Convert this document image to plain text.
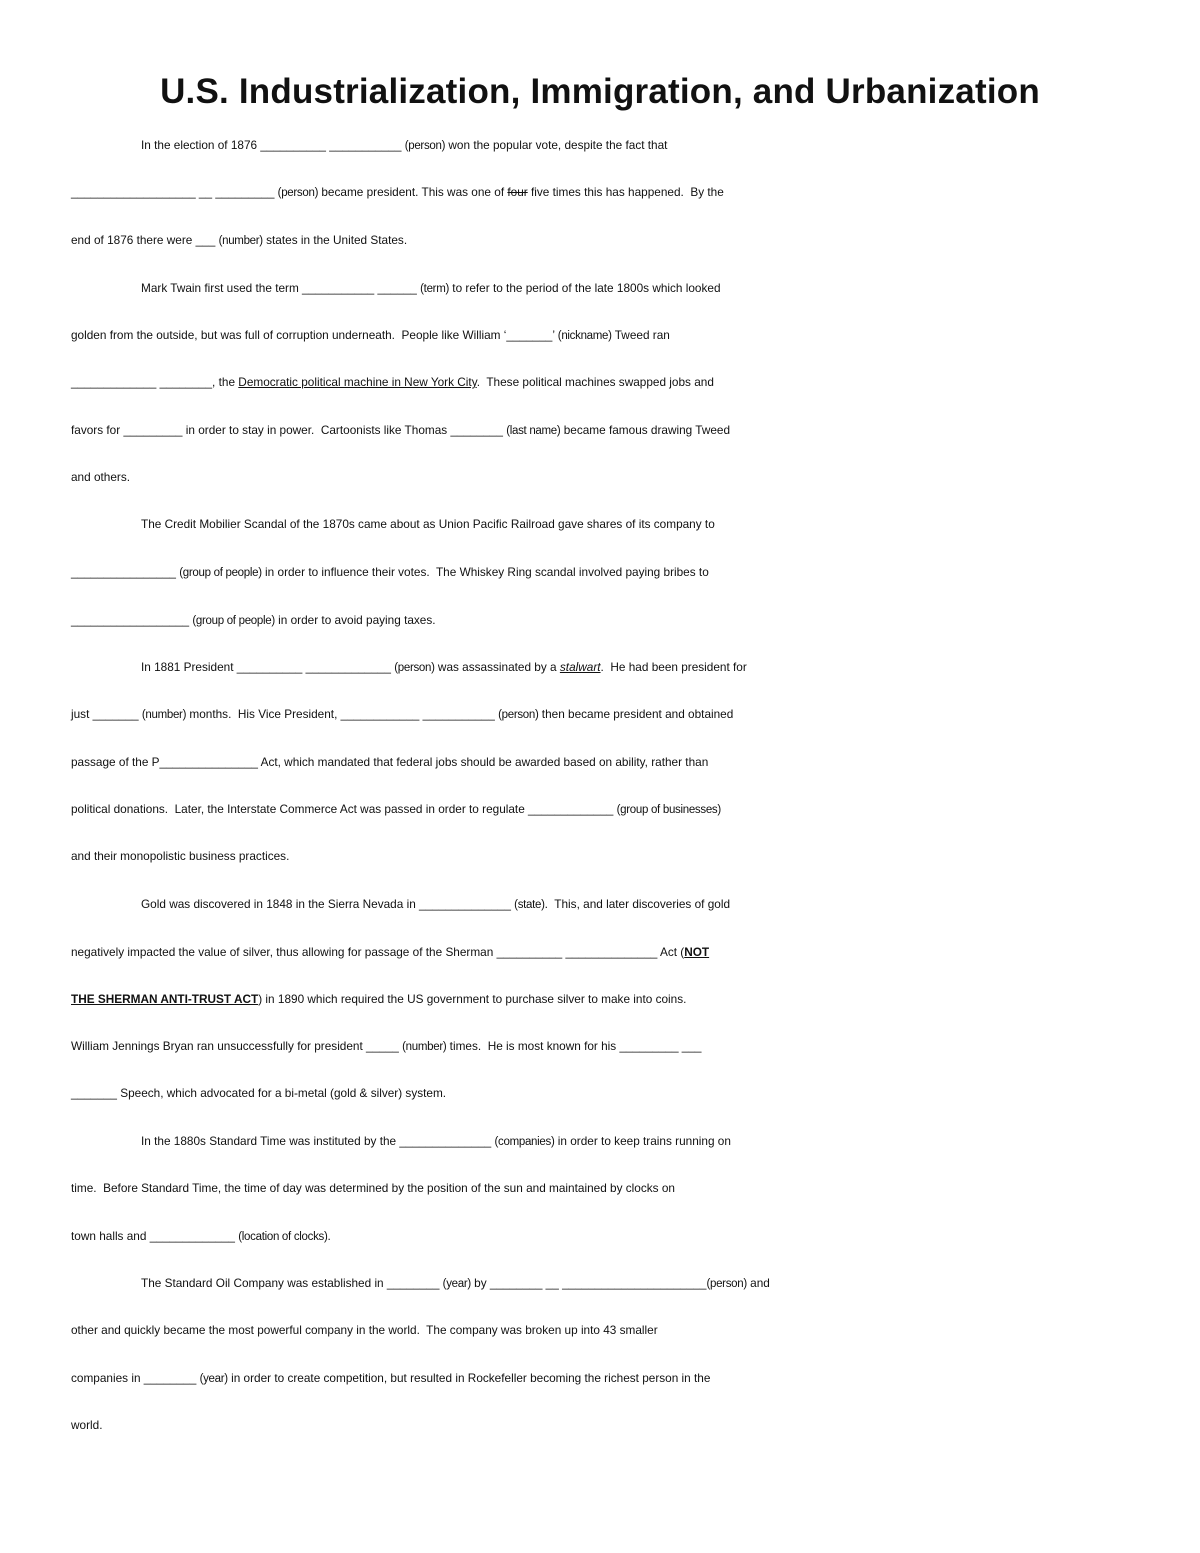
U.S. Industrialization, Immigration, and Urbanization
In the election of 1876 __________ ___________ (person) won the popular vote, despite the fact that
___________________ __ _________ (person) became president. This was one of four five times this has happened.  By the
end of 1876 there were ___ (number) states in the United States.
Mark Twain first used the term ___________ ______ (term) to refer to the period of the late 1800s which looked
golden from the outside, but was full of corruption underneath.  People like William ‘_______’ (nickname) Tweed ran
_____________ ________, the Democratic political machine in New York City.  These political machines swapped jobs and
favors for _________ in order to stay in power.  Cartoonists like Thomas ________ (last name) became famous drawing Tweed
and others.
The Credit Mobilier Scandal of the 1870s came about as Union Pacific Railroad gave shares of its company to
________________ (group of people) in order to influence their votes.  The Whiskey Ring scandal involved paying bribes to
__________________ (group of people) in order to avoid paying taxes.
In 1881 President __________ _____________ (person) was assassinated by a stalwart.  He had been president for
just _______ (number) months.  His Vice President, ____________ ___________ (person) then became president and obtained
passage of the P_______________ Act, which mandated that federal jobs should be awarded based on ability, rather than
political donations.  Later, the Interstate Commerce Act was passed in order to regulate _____________ (group of businesses)
and their monopolistic business practices.
Gold was discovered in 1848 in the Sierra Nevada in ______________ (state).  This, and later discoveries of gold
negatively impacted the value of silver, thus allowing for passage of the Sherman __________ ______________ Act (NOT
THE SHERMAN ANTI-TRUST ACT) in 1890 which required the US government to purchase silver to make into coins.
William Jennings Bryan ran unsuccessfully for president _____ (number) times.  He is most known for his _________ ___
_______ Speech, which advocated for a bi-metal (gold & silver) system.
In the 1880s Standard Time was instituted by the ______________ (companies) in order to keep trains running on
time.  Before Standard Time, the time of day was determined by the position of the sun and maintained by clocks on
town halls and _____________ (location of clocks).
The Standard Oil Company was established in ________ (year) by ________ __ ______________________(person) and
other and quickly became the most powerful company in the world.  The company was broken up into 43 smaller
companies in ________ (year) in order to create competition, but resulted in Rockefeller becoming the richest person in the
world.
